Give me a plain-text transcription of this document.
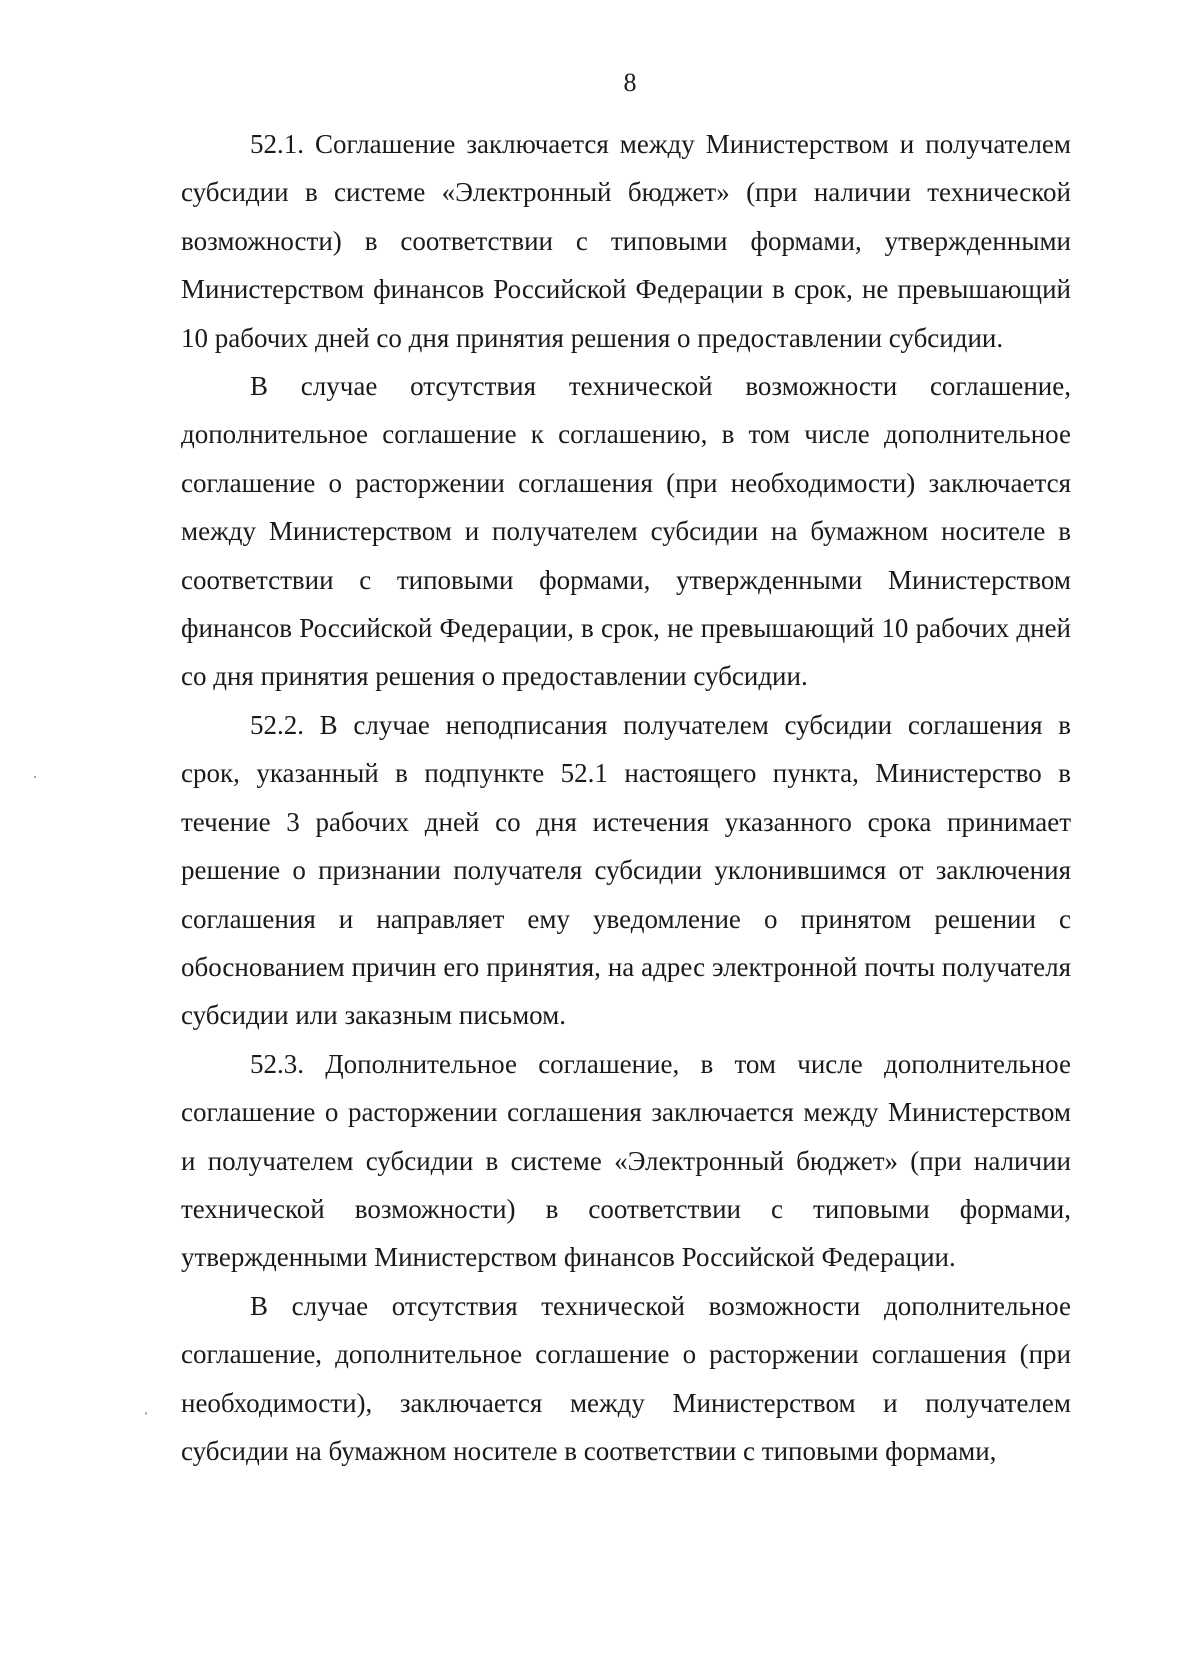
8

52.1. Соглашение заключается между Министерством и получателем субсидии в системе «Электронный бюджет» (при наличии технической возможности) в соответствии с типовыми формами, утвержденными Министерством финансов Российской Федерации в срок, не превышающий 10 рабочих дней со дня принятия решения о предоставлении субсидии.

В случае отсутствия технической возможности соглашение, дополнительное соглашение к соглашению, в том числе дополнительное соглашение о расторжении соглашения (при необходимости) заключается между Министерством и получателем субсидии на бумажном носителе в соответствии с типовыми формами, утвержденными Министерством финансов Российской Федерации, в срок, не превышающий 10 рабочих дней со дня принятия решения о предоставлении субсидии.

52.2. В случае неподписания получателем субсидии соглашения в срок, указанный в подпункте 52.1 настоящего пункта, Министерство в течение 3 рабочих дней со дня истечения указанного срока принимает решение о признании получателя субсидии уклонившимся от заключения соглашения и направляет ему уведомление о принятом решении с обоснованием причин его принятия, на адрес электронной почты получателя субсидии или заказным письмом.

52.3. Дополнительное соглашение, в том числе дополнительное соглашение о расторжении соглашения заключается между Министерством и получателем субсидии в системе «Электронный бюджет» (при наличии технической возможности) в соответствии с типовыми формами, утвержденными Министерством финансов Российской Федерации.

В случае отсутствия технической возможности дополнительное соглашение, дополнительное соглашение о расторжении соглашения (при необходимости), заключается между Министерством и получателем субсидии на бумажном носителе в соответствии с типовыми формами,
